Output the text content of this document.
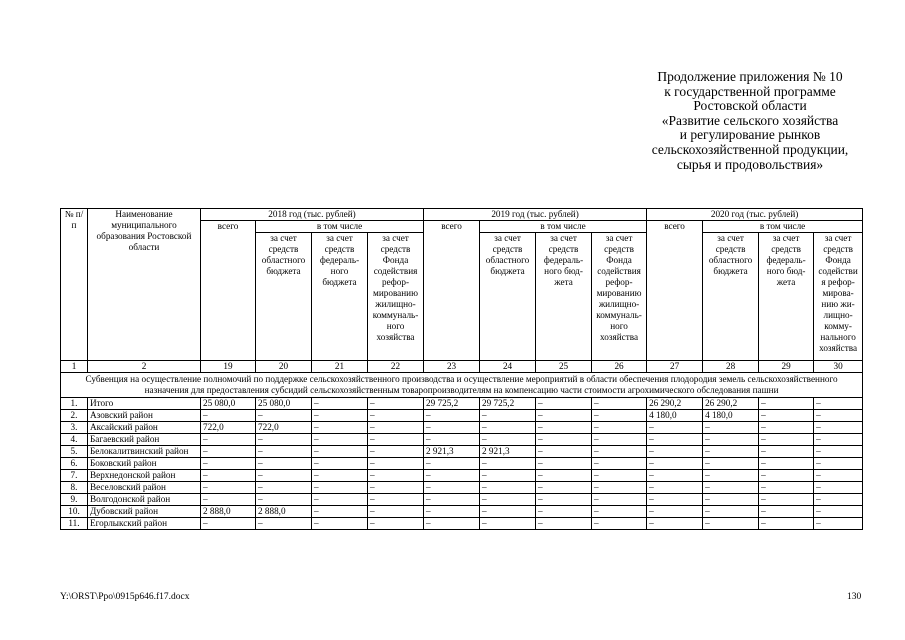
Продолжение приложения № 10
к государственной программе
Ростовской области
«Развитие сельского хозяйства
и регулирование рынков
сельскохозяйственной продукции,
сырья и продовольствия»
№ п/п	Наименование муниципального образования Ростовской области	2018 год (тыс. рублей)				2019 год (тыс. рублей)				2020 год (тыс. рублей)			
		всего	в том числе			всего	в том числе			всего	в том числе		
			за счет средств областного бюджета	за счет средств федераль-ного бюджета	за счет средств Фонда содействия рефор-мированию жилищно-коммуналь-ного хозяйства		за счет средств областного бюджета	за счет средств федераль-ного бюд-жета	за счет средств Фонда содействия рефор-мированию жилищно-коммуналь-ного хозяйства		за счет средств областного бюджета	за счет средств федераль-ного бюд-жета	за счет средств Фонда содействи я рефор-мирова-нию жи-лищно-комму-нального хозяйства
1	2	19	20	21	22	23	24	25	26	27	28	29	30
Субвенция на осуществление полномочий по поддержке сельскохозяйственного производства и осуществление мероприятий в области обеспечения плодородия земель сельскохозяйственного назначения для предоставления субсидий сельскохозяйственным товаропроизводителям на компенсацию части стоимости агрохимического обследования пашни													
1.	Итого	25 080,0	25 080,0	–	–	29 725,2	29 725,2	–	–	26 290,2	26 290,2	–	–
2.	Азовский район	–	–	–	–	–	–	–	–	4 180,0	4 180,0	–	–
3.	Аксайский район	722,0	722,0	–	–	–	–	–	–	–	–	–	–
4.	Багаевский район	–	–	–	–	–	–	–	–	–	–	–	–
5.	Белокалитвинский район	–	–	–	–	2 921,3	2 921,3	–	–	–	–	–	–
6.	Боковский район	–	–	–	–	–	–	–	–	–	–	–	–
7.	Верхнедонской район	–	–	–	–	–	–	–	–	–	–	–	–
8.	Веселовский район	–	–	–	–	–	–	–	–	–	–	–	–
9.	Волгодонской район	–	–	–	–	–	–	–	–	–	–	–	–
10.	Дубовский район	2 888,0	2 888,0	–	–	–	–	–	–	–	–	–	–
11.	Егорлыкский район	–	–	–	–	–	–	–	–	–	–	–	–
Y:\ORST\Ppo\0915p646.f17.docx	130
